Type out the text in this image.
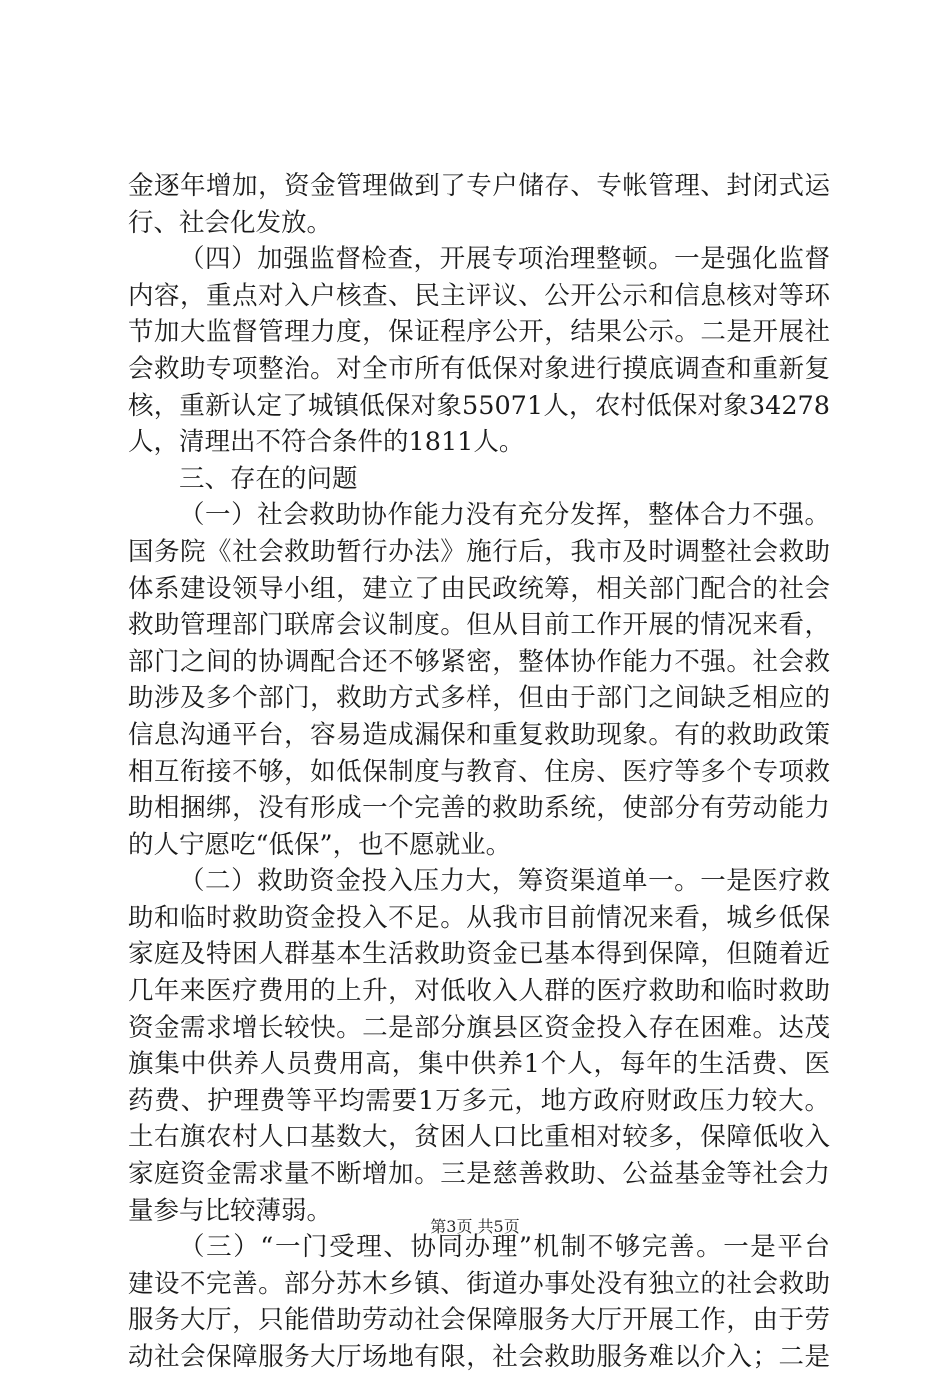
金逐年增加，资金管理做到了专户储存、专帐管理、封闭式运
行、社会化发放。
（四）加强监督检查，开展专项治理整顿。一是强化监督
内容，重点对入户核查、民主评议、公开公示和信息核对等环
节加大监督管理力度，保证程序公开，结果公示。二是开展社
会救助专项整治。对全市所有低保对象进行摸底调查和重新复
核，重新认定了城镇低保对象55071人，农村低保对象34278
人，清理出不符合条件的1811人。
三、存在的问题
（一）社会救助协作能力没有充分发挥，整体合力不强。
国务院《社会救助暂行办法》施行后，我市及时调整社会救助
体系建设领导小组，建立了由民政统筹，相关部门配合的社会
救助管理部门联席会议制度。但从目前工作开展的情况来看，
部门之间的协调配合还不够紧密，整体协作能力不强。社会救
助涉及多个部门，救助方式多样，但由于部门之间缺乏相应的
信息沟通平台，容易造成漏保和重复救助现象。有的救助政策
相互衔接不够，如低保制度与教育、住房、医疗等多个专项救
助相捆绑，没有形成一个完善的救助系统，使部分有劳动能力
的人宁愿吃“低保”，也不愿就业。
（二）救助资金投入压力大，筹资渠道单一。一是医疗救
助和临时救助资金投入不足。从我市目前情况来看，城乡低保
家庭及特困人群基本生活救助资金已基本得到保障，但随着近
几年来医疗费用的上升，对低收入人群的医疗救助和临时救助
资金需求增长较快。二是部分旗县区资金投入存在困难。达茂
旗集中供养人员费用高，集中供养1个人，每年的生活费、医
药费、护理费等平均需要1万多元，地方政府财政压力较大。
土右旗农村人口基数大，贫困人口比重相对较多，保障低收入
家庭资金需求量不断增加。三是慈善救助、公益基金等社会力
量参与比较薄弱。
（三）“一门受理、协同办理”机制不够完善。一是平台
建设不完善。部分苏木乡镇、街道办事处没有独立的社会救助
服务大厅，只能借助劳动社会保障服务大厅开展工作，由于劳
动社会保障服务大厅场地有限，社会救助服务难以介入；二是
第3页 共5页
